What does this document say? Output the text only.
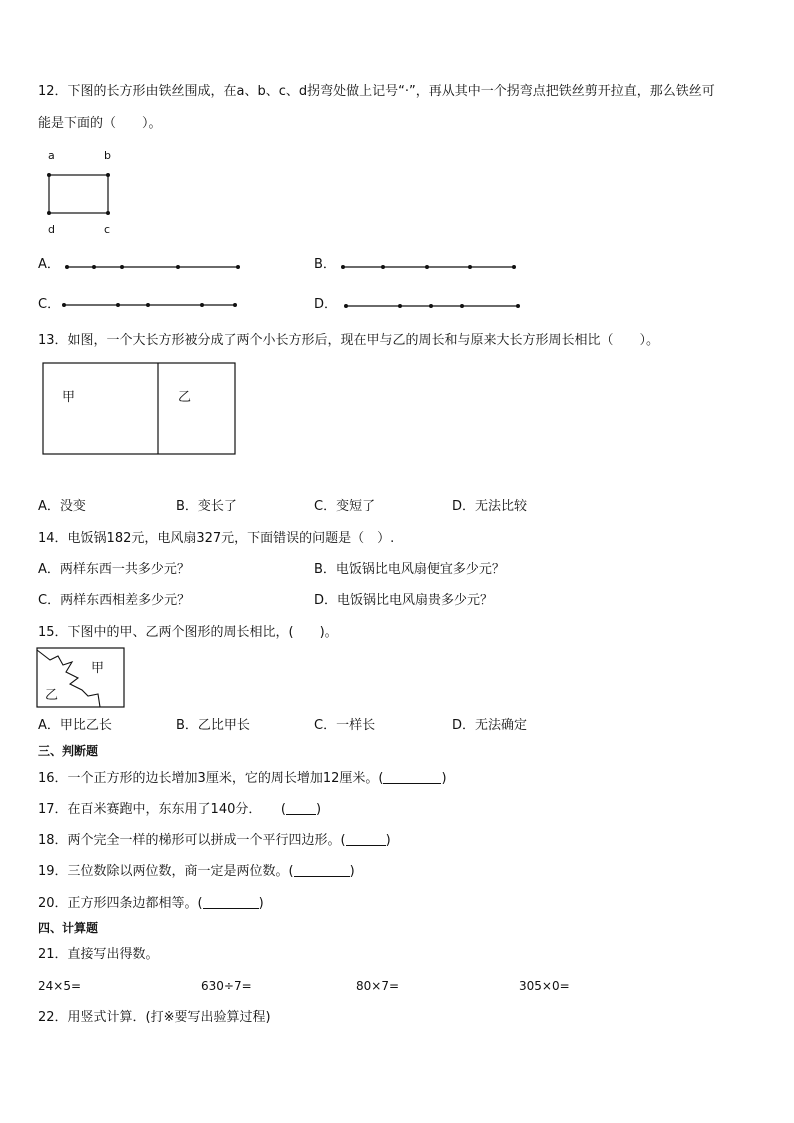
12．下图的长方形由铁丝围成，在a、b、c、d拐弯处做上记号“·”，再从其中一个拐弯点把铁丝剪开拉直，那么铁丝可
能是下面的（　　）。
a	b
d	c
A．	B．
C．	D．
13．如图，一个大长方形被分成了两个小长方形后，现在甲与乙的周长和与原来大长方形周长相比（　　）。
甲	乙
A．没变	B．变长了	C．变短了	D．无法比较
14．电饭锅182元，电风扇327元，下面错误的问题是（　）.
A．两样东西一共多少元？	B．电饭锅比电风扇便宜多少元？
C．两样东西相差多少元？	D．电饭锅比电风扇贵多少元？
15．下图中的甲、乙两个图形的周长相比，(　　)。
甲
乙
A．甲比乙长	B．乙比甲长	C．一样长	D．无法确定
三、判断题
16．一个正方形的边长增加3厘米，它的周长增加12厘米。(	)
17．在百米赛跑中，东东用了140分．　　( )
18．两个完全一样的梯形可以拼成一个平行四边形。(	)
19．三位数除以两位数，商一定是两位数。(	)
20．正方形四条边都相等。(	)
四、计算题
21．直接写出得数。
24×5=	630÷7=	80×7=	305×0=
22．用竖式计算．(打※要写出验算过程)
